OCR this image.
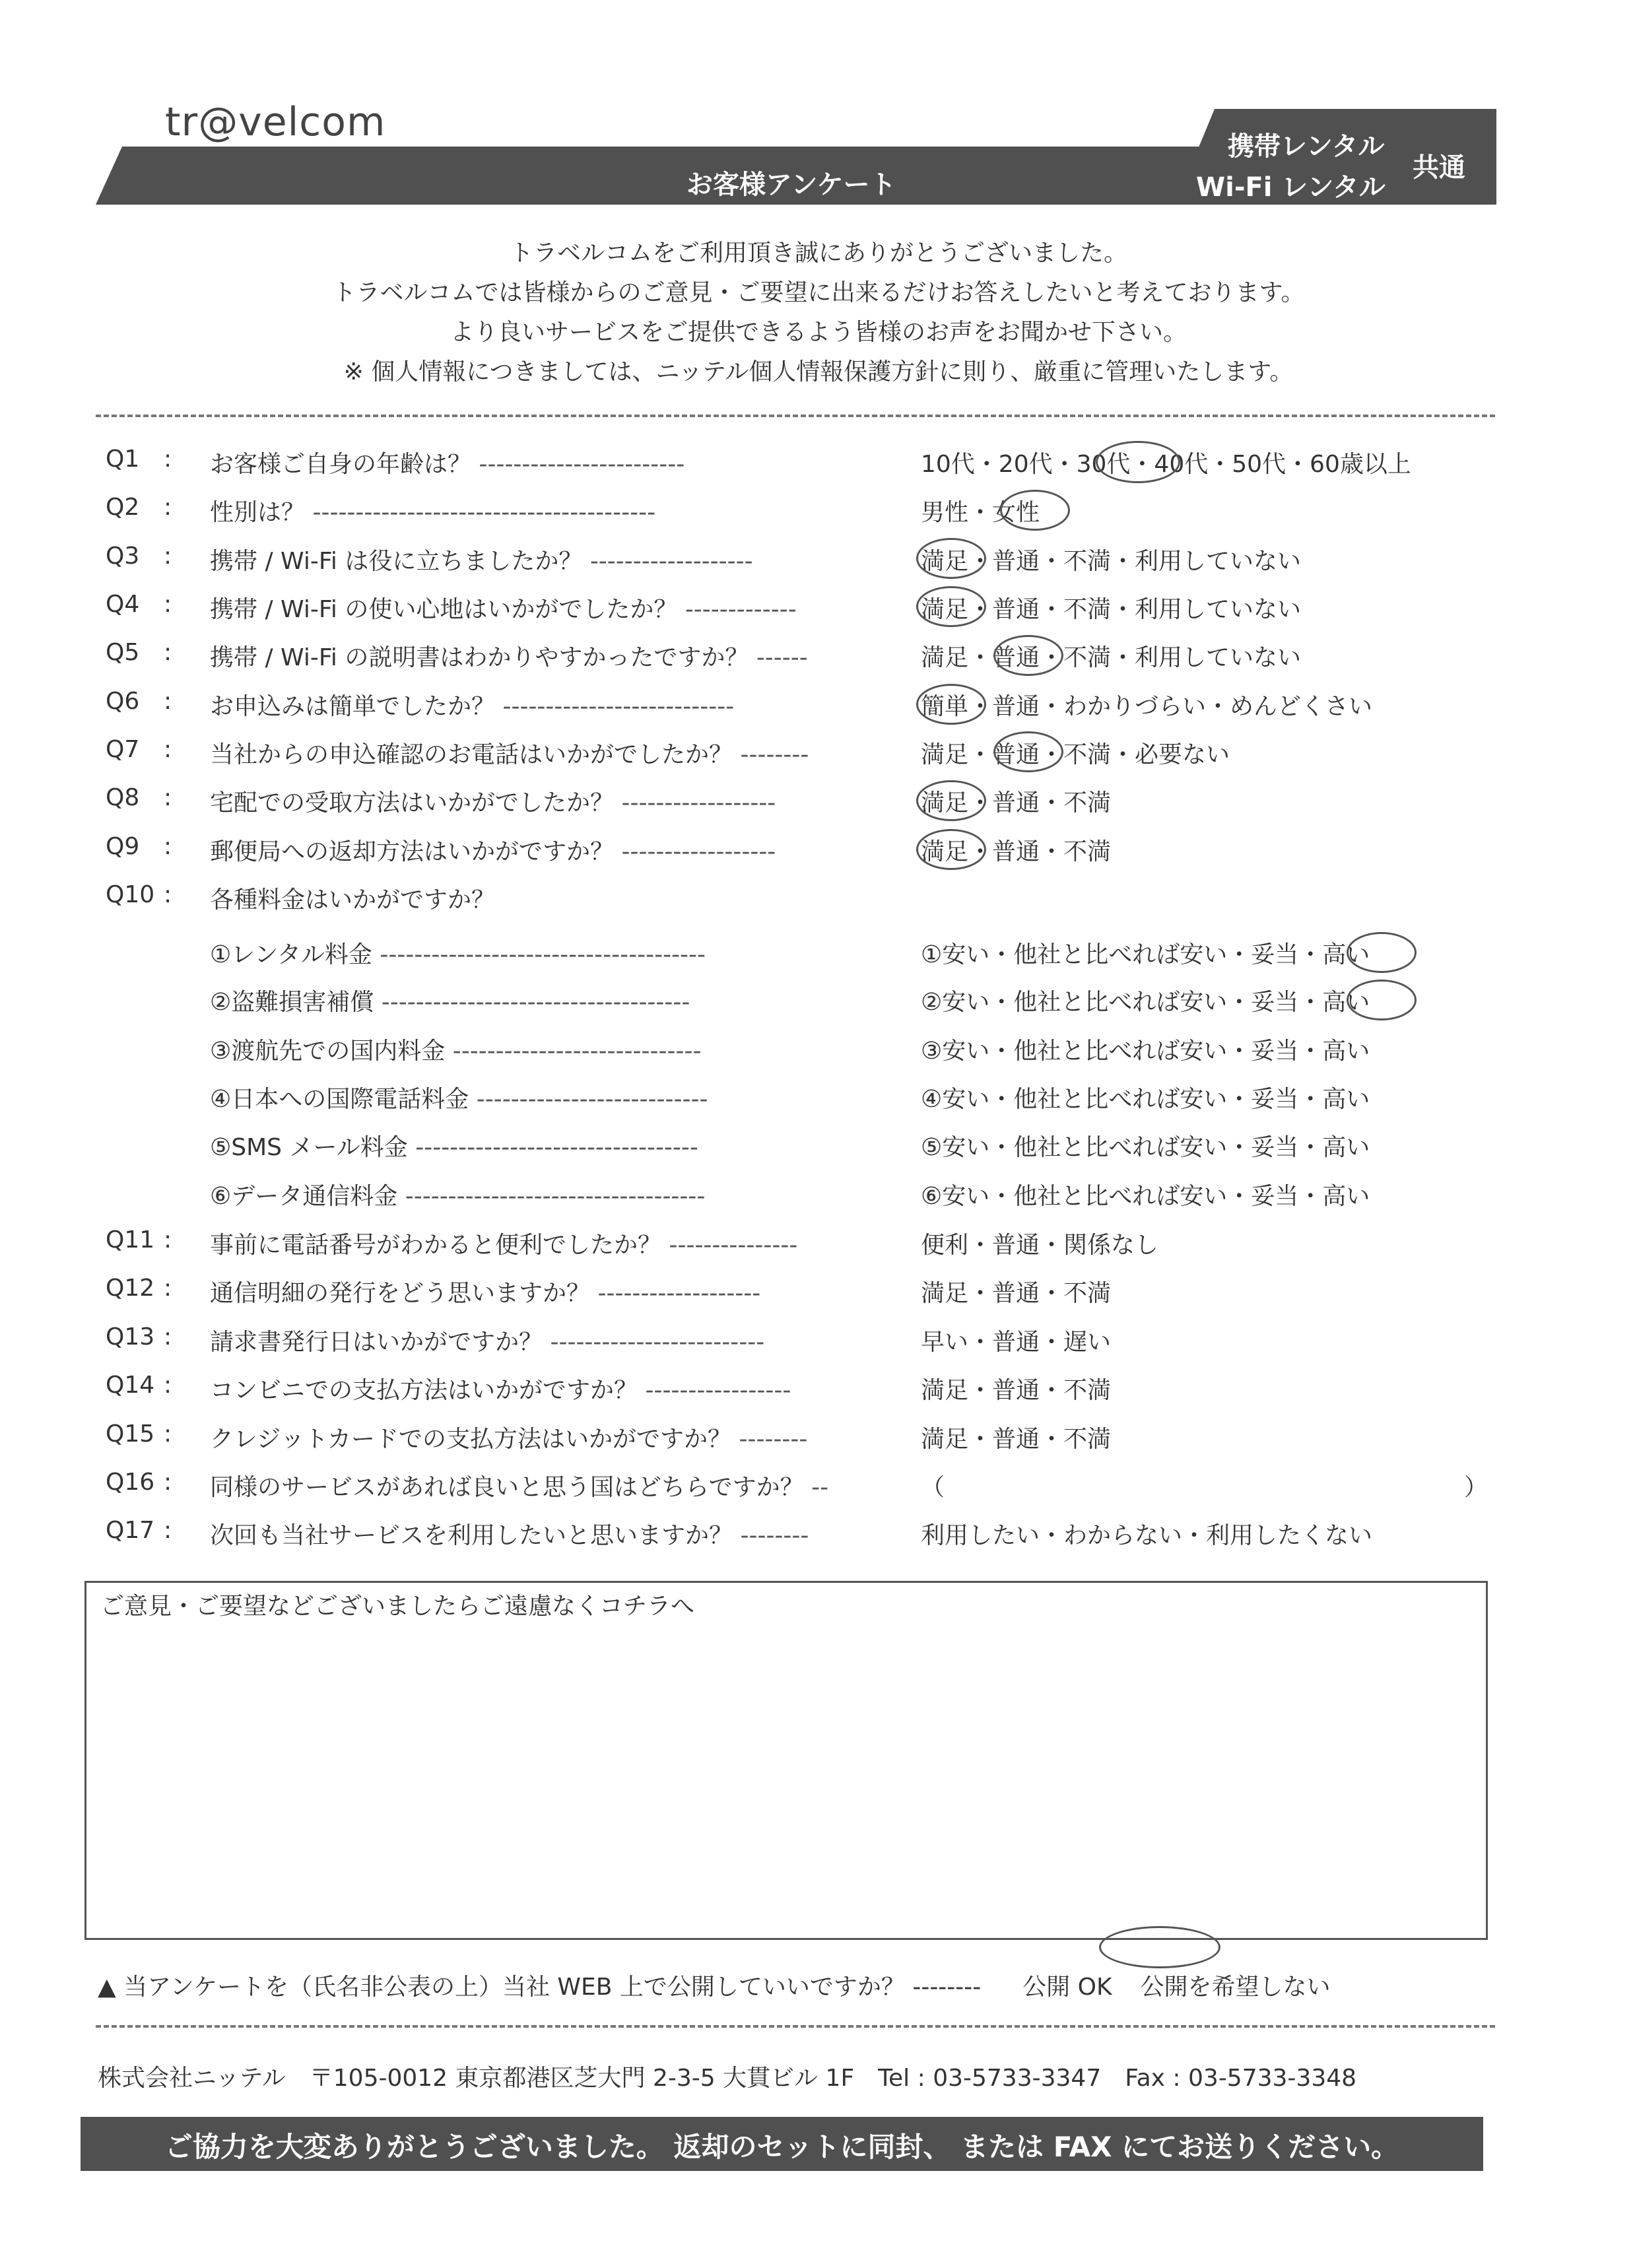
tr@velcom
お客様アンケート
携帯レンタル
Wi-Fi レンタル
共通
トラベルコムをご利用頂き誠にありがとうございました。
トラベルコムでは皆様からのご意見・ご要望に出来るだけお答えしたいと考えております。
より良いサービスをご提供できるよう皆様のお声をお聞かせ下さい。
※ 個人情報につきましては、ニッテル個人情報保護方針に則り、厳重に管理いたします。
Q1 : お客様ご自身の年齢は？ ------------------------	10代・20代・30代・40代・50代・60歳以上
Q2 : 性別は？ ----------------------------------------	男性・女性
Q3 : 携帯 / Wi-Fi は役に立ちましたか？ -------------------	満足・普通・不満・利用していない
Q4 : 携帯 / Wi-Fi の使い心地はいかがでしたか？ -------------	満足・普通・不満・利用していない
Q5 : 携帯 / Wi-Fi の説明書はわかりやすかったですか？ ------	満足・普通・不満・利用していない
Q6 : お申込みは簡単でしたか？ ---------------------------	簡単・普通・わかりづらい・めんどくさい
Q7 : 当社からの申込確認のお電話はいかがでしたか？ --------	満足・普通・不満・必要ない
Q8 : 宅配での受取方法はいかがでしたか？ ------------------	満足・普通・不満
Q9 : 郵便局への返却方法はいかがですか？ ------------------	満足・普通・不満
Q10 : 各種料金はいかがですか？
①レンタル料金 --------------------------------------	①安い・他社と比べれば安い・妥当・高い
②盗難損害補償 ------------------------------------	②安い・他社と比べれば安い・妥当・高い
③渡航先での国内料金 -----------------------------	③安い・他社と比べれば安い・妥当・高い
④日本への国際電話料金 ---------------------------	④安い・他社と比べれば安い・妥当・高い
⑤SMS メール料金 ---------------------------------	⑤安い・他社と比べれば安い・妥当・高い
⑥データ通信料金 -----------------------------------	⑥安い・他社と比べれば安い・妥当・高い
Q11 : 事前に電話番号がわかると便利でしたか？ ---------------	便利・普通・関係なし
Q12 : 通信明細の発行をどう思いますか？ -------------------	満足・普通・不満
Q13 : 請求書発行日はいかがですか？ -------------------------	早い・普通・遅い
Q14 : コンビニでの支払方法はいかがですか？ -----------------	満足・普通・不満
Q15 : クレジットカードでの支払方法はいかがですか？ --------	満足・普通・不満
Q16 : 同様のサービスがあれば良いと思う国はどちらですか？ --	（	）
Q17 : 次回も当社サービスを利用したいと思いますか？ --------	利用したい・わからない・利用したくない
ご意見・ご要望などございましたらご遠慮なくコチラへ
▲ 当アンケートを（氏名非公表の上）当社 WEB 上で公開していいですか？ -------- 公開 OK 公開を希望しない
株式会社ニッテル　〒105-0012 東京都港区芝大門 2-3-5 大貫ビル 1F　Tel : 03-5733-3347　Fax : 03-5733-3348
ご協力を大変ありがとうございました。 返却のセットに同封、 または FAX にてお送りください。
